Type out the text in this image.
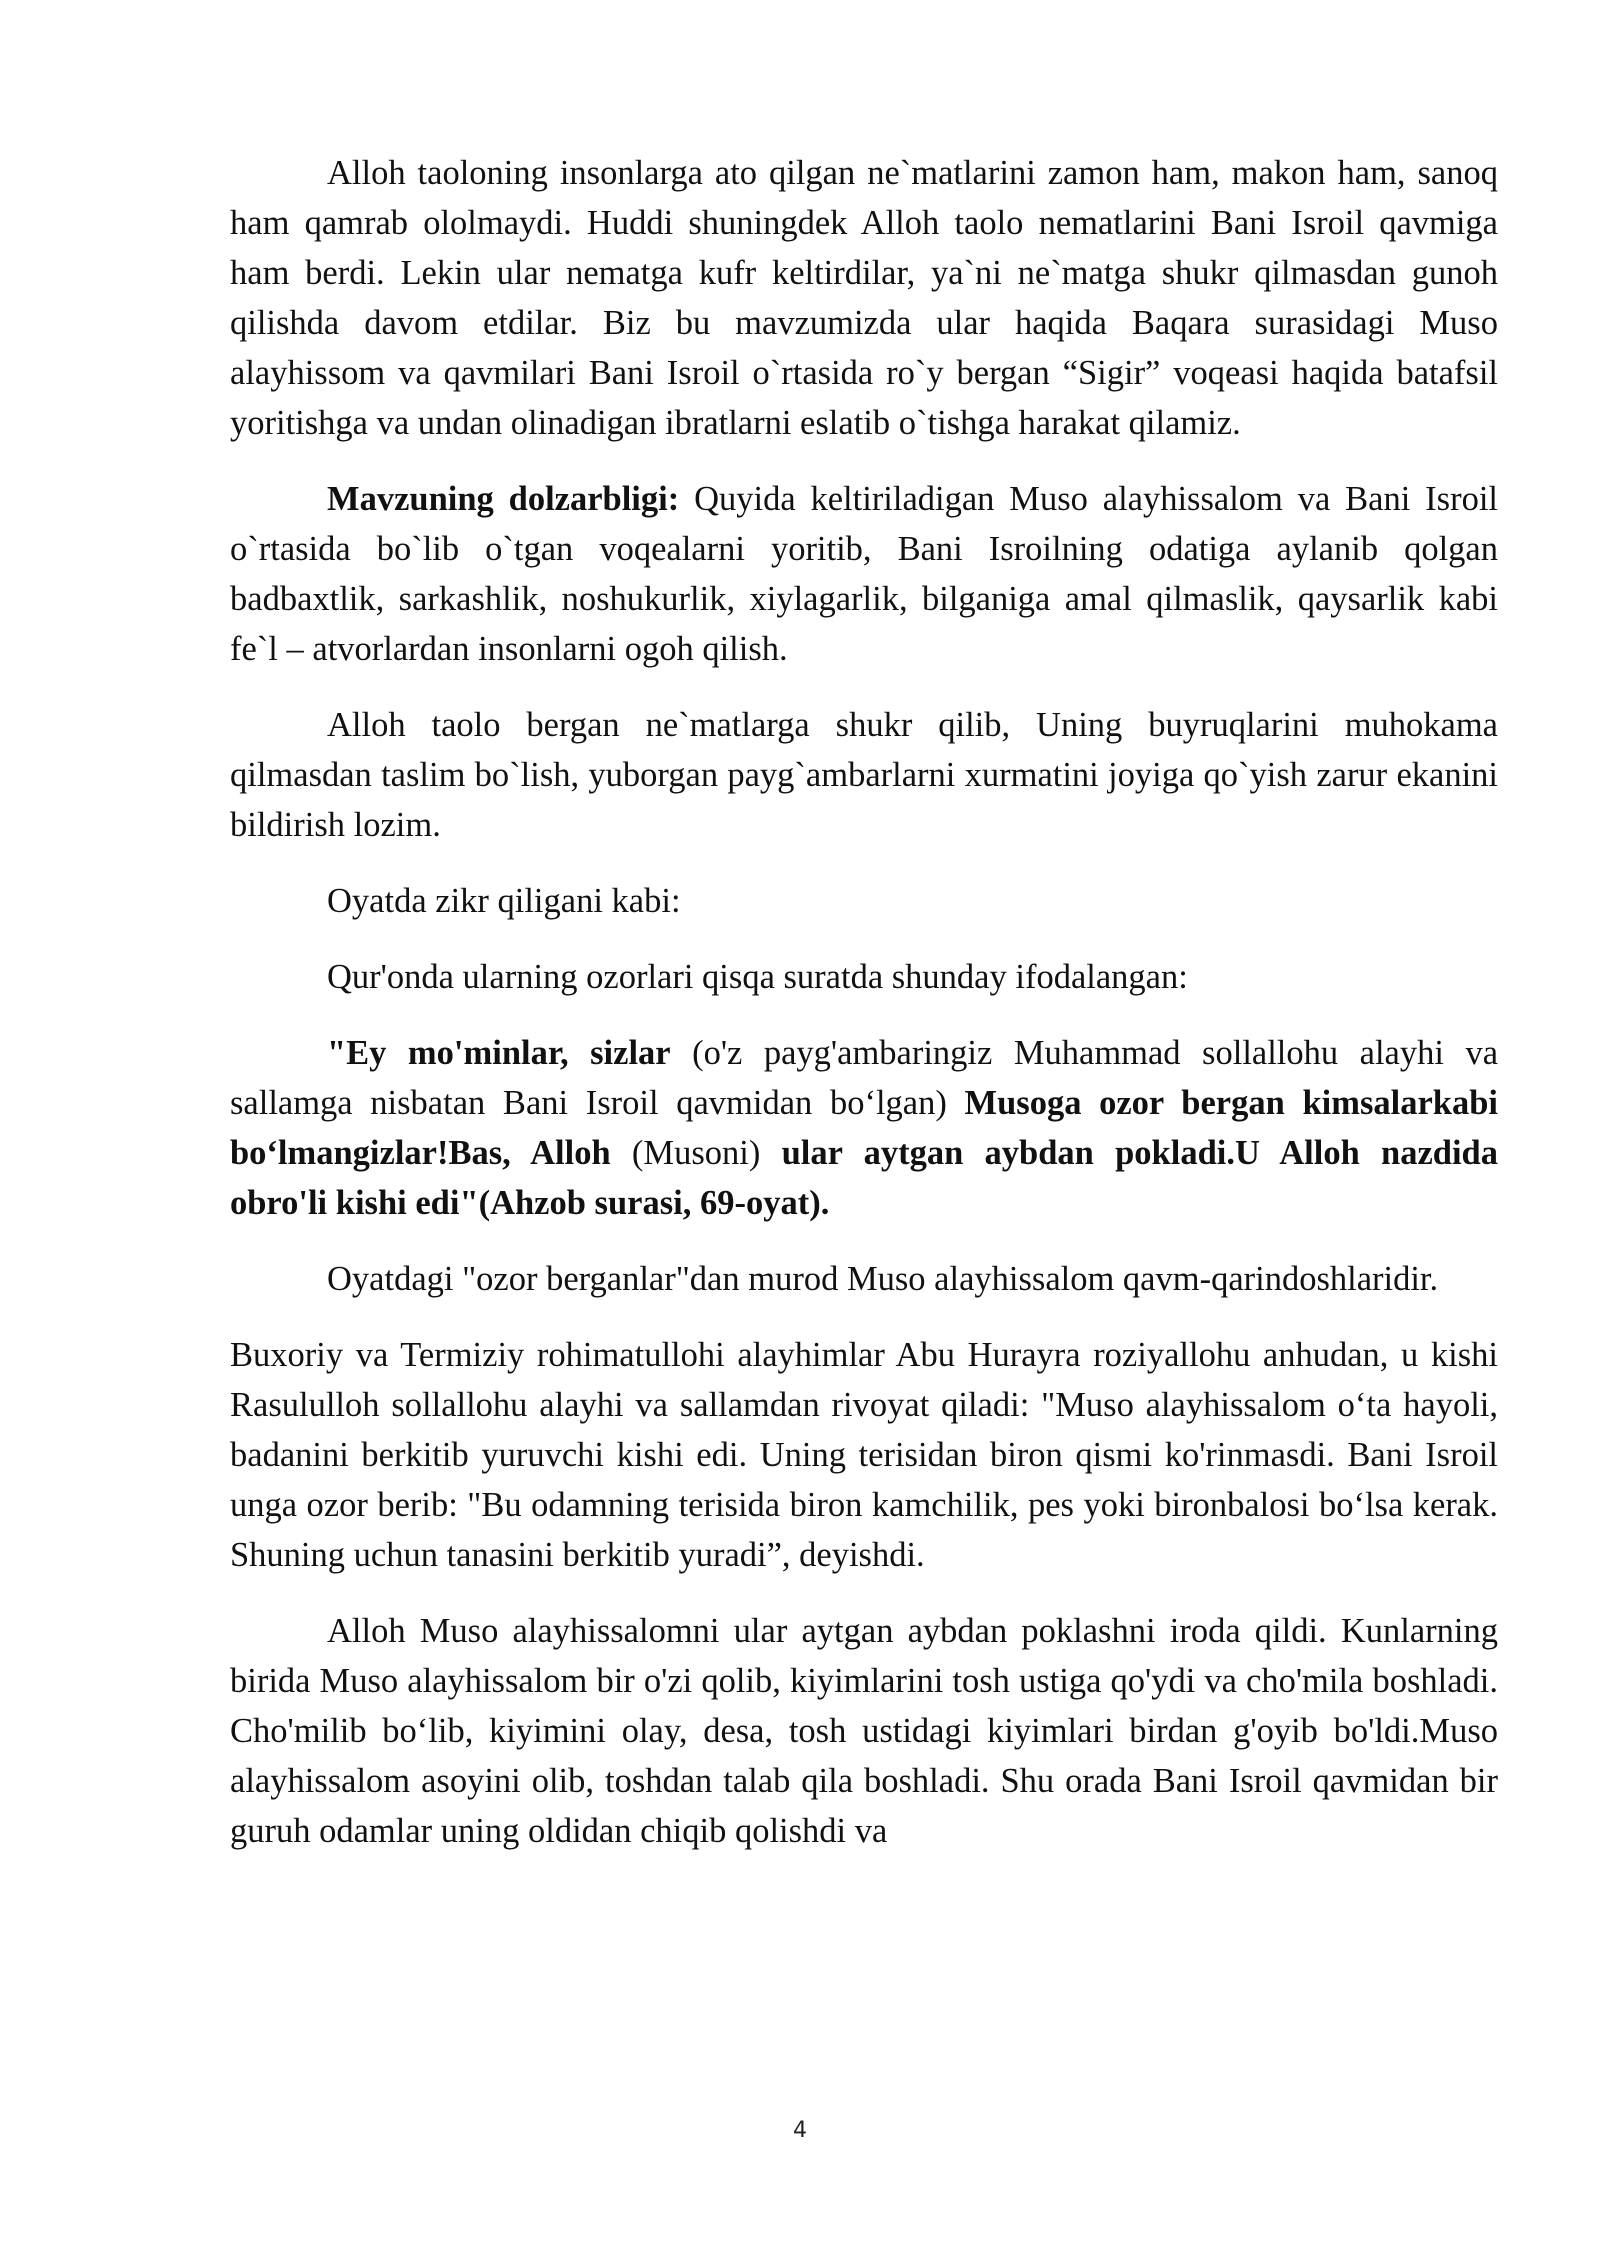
Alloh taoloning insonlarga ato qilgan ne`matlarini zamon ham, makon ham, sanoq ham qamrab ololmaydi. Huddi shuningdek Alloh taolo nematlarini Bani Isroil qavmiga ham berdi. Lekin ular nematga kufr keltirdilar, ya`ni ne`matga shukr qilmasdan gunoh qilishda davom etdilar. Biz bu mavzumizda ular haqida Baqara surasidagi Muso alayhissom va qavmilari Bani Isroil o`rtasida ro`y bergan “Sigir” voqeasi haqida batafsil yoritishga va undan olinadigan ibratlarni eslatib o`tishga harakat qilamiz.

Mavzuning dolzarbligi: Quyida keltiriladigan Muso alayhissalom va Bani Isroil o`rtasida bo`lib o`tgan voqealarni yoritib, Bani Isroilning odatiga aylanib qolgan badbaxtlik, sarkashlik, noshukurlik, xiylagarlik, bilganiga amal qilmaslik, qaysarlik kabi fe`l – atvorlardan insonlarni ogoh qilish.

Alloh taolo bergan ne`matlarga shukr qilib, Uning buyruqlarini muhokama qilmasdan taslim bo`lish, yuborgan payg`ambarlarni xurmatini joyiga qo`yish zarur ekanini bildirish lozim.

Oyatda zikr qiligani kabi:

Qur'onda ularning ozorlari qisqa suratda shunday ifodalangan:

"Ey mo'minlar, sizlar (o'z payg'ambaringiz Muhammad sollallohu alayhi va sallamga nisbatan Bani Isroil qavmidan bo‘lgan) Musoga ozor bergan kimsalarkabi bo‘lmangizlar!Bas, Alloh (Musoni) ular aytgan aybdan pokladi.U Alloh nazdida obro'li kishi edi"(Ahzob surasi, 69-oyat).

Oyatdagi "ozor berganlar"dan murod Muso alayhissalom qavm-qarindoshlaridir.

Buxoriy va Termiziy rohimatullohi alayhimlar Abu Hurayra roziyallohu anhudan, u kishi Rasululloh sollallohu alayhi va sallamdan rivoyat qiladi: "Muso alayhissalom o‘ta hayoli, badanini berkitib yuruvchi kishi edi. Uning terisidan biron qismi ko'rinmasdi. Bani Isroil unga ozor berib: "Bu odamning terisida biron kamchilik, pes yoki bironbalosi bo‘lsa kerak. Shuning uchun tanasini berkitib yuradi”, deyishdi.

Alloh Muso alayhissalomni ular aytgan aybdan poklashni iroda qildi. Kunlarning birida Muso alayhissalom bir o'zi qolib, kiyimlarini tosh ustiga qo'ydi va cho'mila boshladi. Cho'milib bo‘lib, kiyimini olay, desa, tosh ustidagi kiyimlari birdan g'oyib bo'ldi.Muso alayhissalom asoyini olib, toshdan talab qila boshladi. Shu orada Bani Isroil qavmidan bir guruh odamlar uning oldidan chiqib qolishdi va

4
